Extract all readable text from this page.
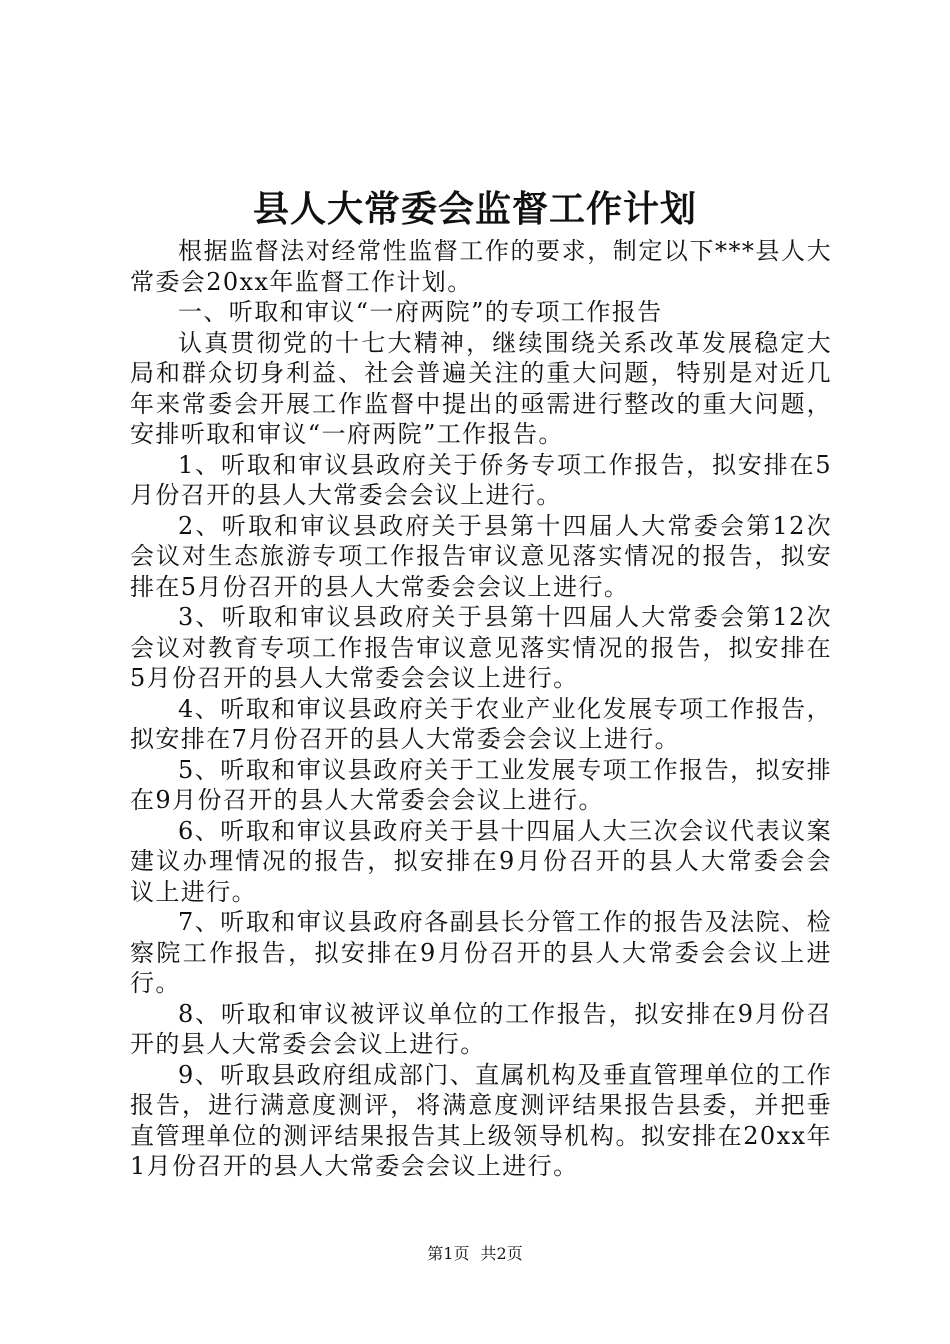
县人大常委会监督工作计划

根据监督法对经常性监督工作的要求，制定以下***县人大常委会20xx年监督工作计划。

一、听取和审议“一府两院”的专项工作报告

认真贯彻党的十七大精神，继续围绕关系改革发展稳定大局和群众切身利益、社会普遍关注的重大问题，特别是对近几年来常委会开展工作监督中提出的亟需进行整改的重大问题，安排听取和审议“一府两院”工作报告。

1、听取和审议县政府关于侨务专项工作报告，拟安排在5月份召开的县人大常委会会议上进行。

2、听取和审议县政府关于县第十四届人大常委会第12次会议对生态旅游专项工作报告审议意见落实情况的报告，拟安排在5月份召开的县人大常委会会议上进行。

3、听取和审议县政府关于县第十四届人大常委会第12次会议对教育专项工作报告审议意见落实情况的报告，拟安排在5月份召开的县人大常委会会议上进行。

4、听取和审议县政府关于农业产业化发展专项工作报告，拟安排在7月份召开的县人大常委会会议上进行。

5、听取和审议县政府关于工业发展专项工作报告，拟安排在9月份召开的县人大常委会会议上进行。

6、听取和审议县政府关于县十四届人大三次会议代表议案建议办理情况的报告，拟安排在9月份召开的县人大常委会会议上进行。

7、听取和审议县政府各副县长分管工作的报告及法院、检察院工作报告，拟安排在9月份召开的县人大常委会会议上进行。

8、听取和审议被评议单位的工作报告，拟安排在9月份召开的县人大常委会会议上进行。

9、听取县政府组成部门、直属机构及垂直管理单位的工作报告，进行满意度测评，将满意度测评结果报告县委，并把垂直管理单位的测评结果报告其上级领导机构。拟安排在20xx年1月份召开的县人大常委会会议上进行。

第1页 共2页
